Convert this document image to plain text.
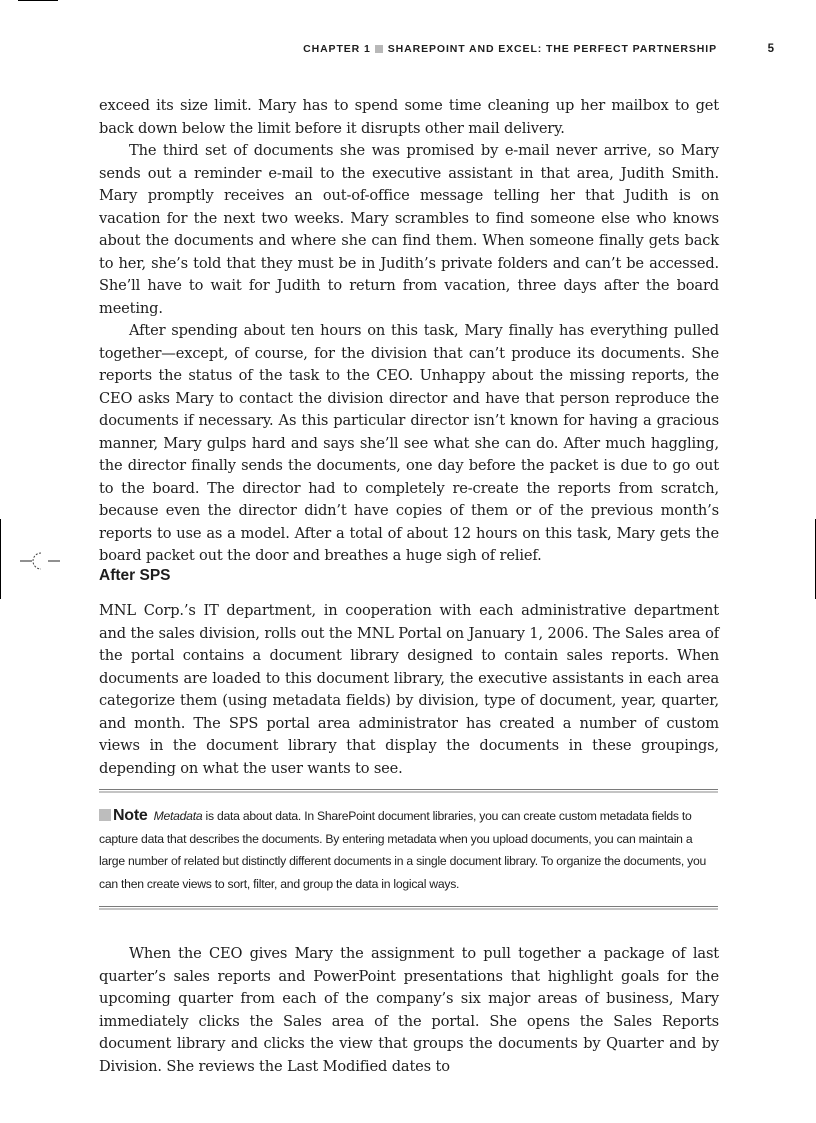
CHAPTER 1 SHAREPOINT AND EXCEL: THE PERFECT PARTNERSHIP	5

exceed its size limit. Mary has to spend some time cleaning up her mailbox to get back down below the limit before it disrupts other mail delivery.

The third set of documents she was promised by e-mail never arrive, so Mary sends out a reminder e-mail to the executive assistant in that area, Judith Smith. Mary promptly receives an out-of-office message telling her that Judith is on vacation for the next two weeks. Mary scrambles to find someone else who knows about the documents and where she can find them. When someone finally gets back to her, she’s told that they must be in Judith’s private folders and can’t be accessed. She’ll have to wait for Judith to return from vacation, three days after the board meeting.

After spending about ten hours on this task, Mary finally has everything pulled together—except, of course, for the division that can’t produce its documents. She reports the status of the task to the CEO. Unhappy about the missing reports, the CEO asks Mary to contact the division director and have that person reproduce the documents if necessary. As this particular director isn’t known for having a gracious manner, Mary gulps hard and says she’ll see what she can do. After much haggling, the director finally sends the documents, one day before the packet is due to go out to the board. The director had to completely re-create the reports from scratch, because even the director didn’t have copies of them or of the previous month’s reports to use as a model. After a total of about 12 hours on this task, Mary gets the board packet out the door and breathes a huge sigh of relief.

After SPS

MNL Corp.’s IT department, in cooperation with each administrative department and the sales division, rolls out the MNL Portal on January 1, 2006. The Sales area of the portal contains a document library designed to contain sales reports. When documents are loaded to this document library, the executive assistants in each area categorize them (using metadata fields) by division, type of document, year, quarter, and month. The SPS portal area administrator has created a number of custom views in the document library that display the documents in these groupings, depending on what the user wants to see.

Note Metadata is data about data. In SharePoint document libraries, you can create custom metadata fields to capture data that describes the documents. By entering metadata when you upload documents, you can maintain a large number of related but distinctly different documents in a single document library. To organize the documents, you can then create views to sort, filter, and group the data in logical ways.

When the CEO gives Mary the assignment to pull together a package of last quarter’s sales reports and PowerPoint presentations that highlight goals for the upcoming quarter from each of the company’s six major areas of business, Mary immediately clicks the Sales area of the portal. She opens the Sales Reports document library and clicks the view that groups the documents by Quarter and by Division. She reviews the Last Modified dates to
